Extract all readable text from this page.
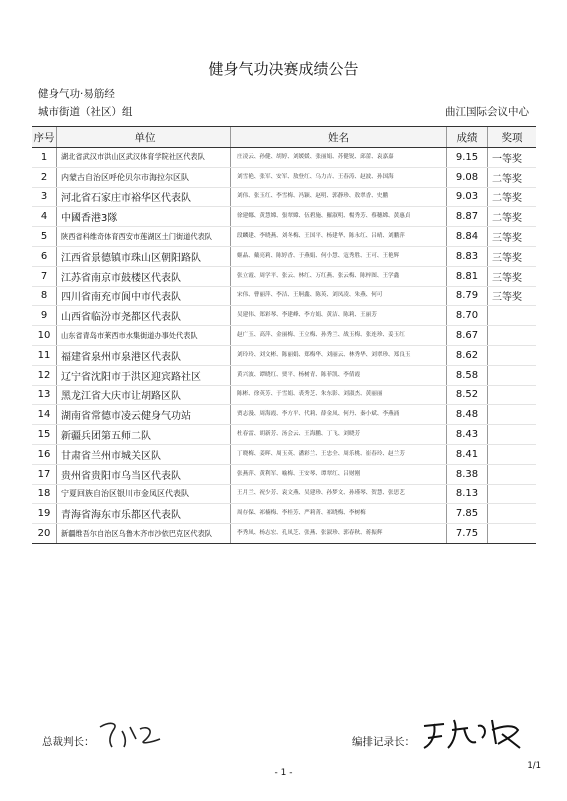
健身气功决赛成绩公告
健身气功·易筋经
城市街道（社区）组	曲江国际会议中心
序号	单位	姓名	成绩	奖项
1	湖北省武汉市洪山区武汉体育学院社区代表队	庄凌云、孙健、胡婷、刘媛媛、张丽娟、苏健锐、邱蕾、袁嘉嘉	9.15	一等奖
2	内蒙古自治区呼伦贝尔市海拉尔区队	刘雪艳、张军、安军、敖登红、乌力吉、王春涛、赵波、孙国海	9.08	二等奖
3	河北省石家庄市裕华区代表队	刘伟、张玉红、李雪梅、冯颖、赵明、郭静珍、敖翠香、史鹏	9.03	二等奖
4	中國香港3隊	徐建娜、黄慧嫦、張翠嫦、伍碧施、羅淑明、楊秀芳、蔡穗嫦、黃惠貞	8.87	二等奖
5	陕西省科维奇体育西安市莲湖区土门街道代表队	段麟建、李晓燕、刘冬梅、王国平、杨建华、陈永红、吕晴、刘鹏萍	8.84	三等奖
6	江西省景德镇市珠山区朝阳路队	姬晶、戴亮莉、陈婷香、于燕娟、何小慧、寇秀胜、王可、王艳辉	8.83	三等奖
7	江苏省南京市鼓楼区代表队	张立霞、周学平、张云、林红、万红燕、张云梅、陈梓图、王学鑫	8.81	三等奖
8	四川省南充市阆中市代表队	宋伟、曹丽萍、李洁、王舸鑫、陈英、刘凤凌、朱燕、何可	8.79	三等奖
9	山西省临汾市尧都区代表队	吴建伟、郑彩琴、李建峰、李方娟、黄洁、陈莉、王丽芳	8.70	
10	山东省青岛市莱西市水集街道办事处代表队	赵广玉、高萍、金丽梅、王立梅、孙秀兰、战玉梅、张连珍、姜玉红	8.67	
11	福建省泉州市泉港区代表队	刘玲玲、刘文彬、陈丽娟、郑梅华、刘丽云、林秀华、刘翠珍、郑良玉	8.62	
12	辽宁省沈阳市于洪区迎宾路社区	黄兴波、谭晓红、贾平、杨树青、陈菲凯、李倩霞	8.58	
13	黑龙江省大庆市让胡路区队	陈彬、徐英芳、于雪娟、裘秀芝、朱东影、刘淑杰、黄丽丽	8.52	
14	湖南省常德市凌云健身气功站	贾志漫、周海霞、李方平、代莉、薛金凤、何丹、秦小斌、李燕涌	8.48	
15	新疆兵团第五师二队	杜春雷、胡新芳、汤会云、王海鹏、丁飞、刘晓芳	8.43	
16	甘肃省兰州市城关区队	丁晓梅、姜晖、周玉英、潘彩兰、王忠全、周乐桃、崔春玲、赵兰芳	8.41	
17	贵州省贵阳市乌当区代表队	张燕萍、黄利军、喻梅、王安琴、谭翠红、吕财刚	8.38	
18	宁夏回族自治区银川市金凤区代表队	王月兰、祝少芳、袁文燕、吴建珍、孙梦文、孙瑾琴、贺慧、张思艺	8.13	
19	青海省海东市乐都区代表队	周存保、祁楠梅、李桂芳、严莉菁、祁晓梅、李树梅	7.85	
20	新疆维吾尔自治区乌鲁木齐市沙依巴克区代表队	李秀凤、杨志宏、孔凤芝、张燕、张淑珍、郭春秋、蒋振辉	7.75	
总裁判长：	编排记录长：
- 1 -
1/1
